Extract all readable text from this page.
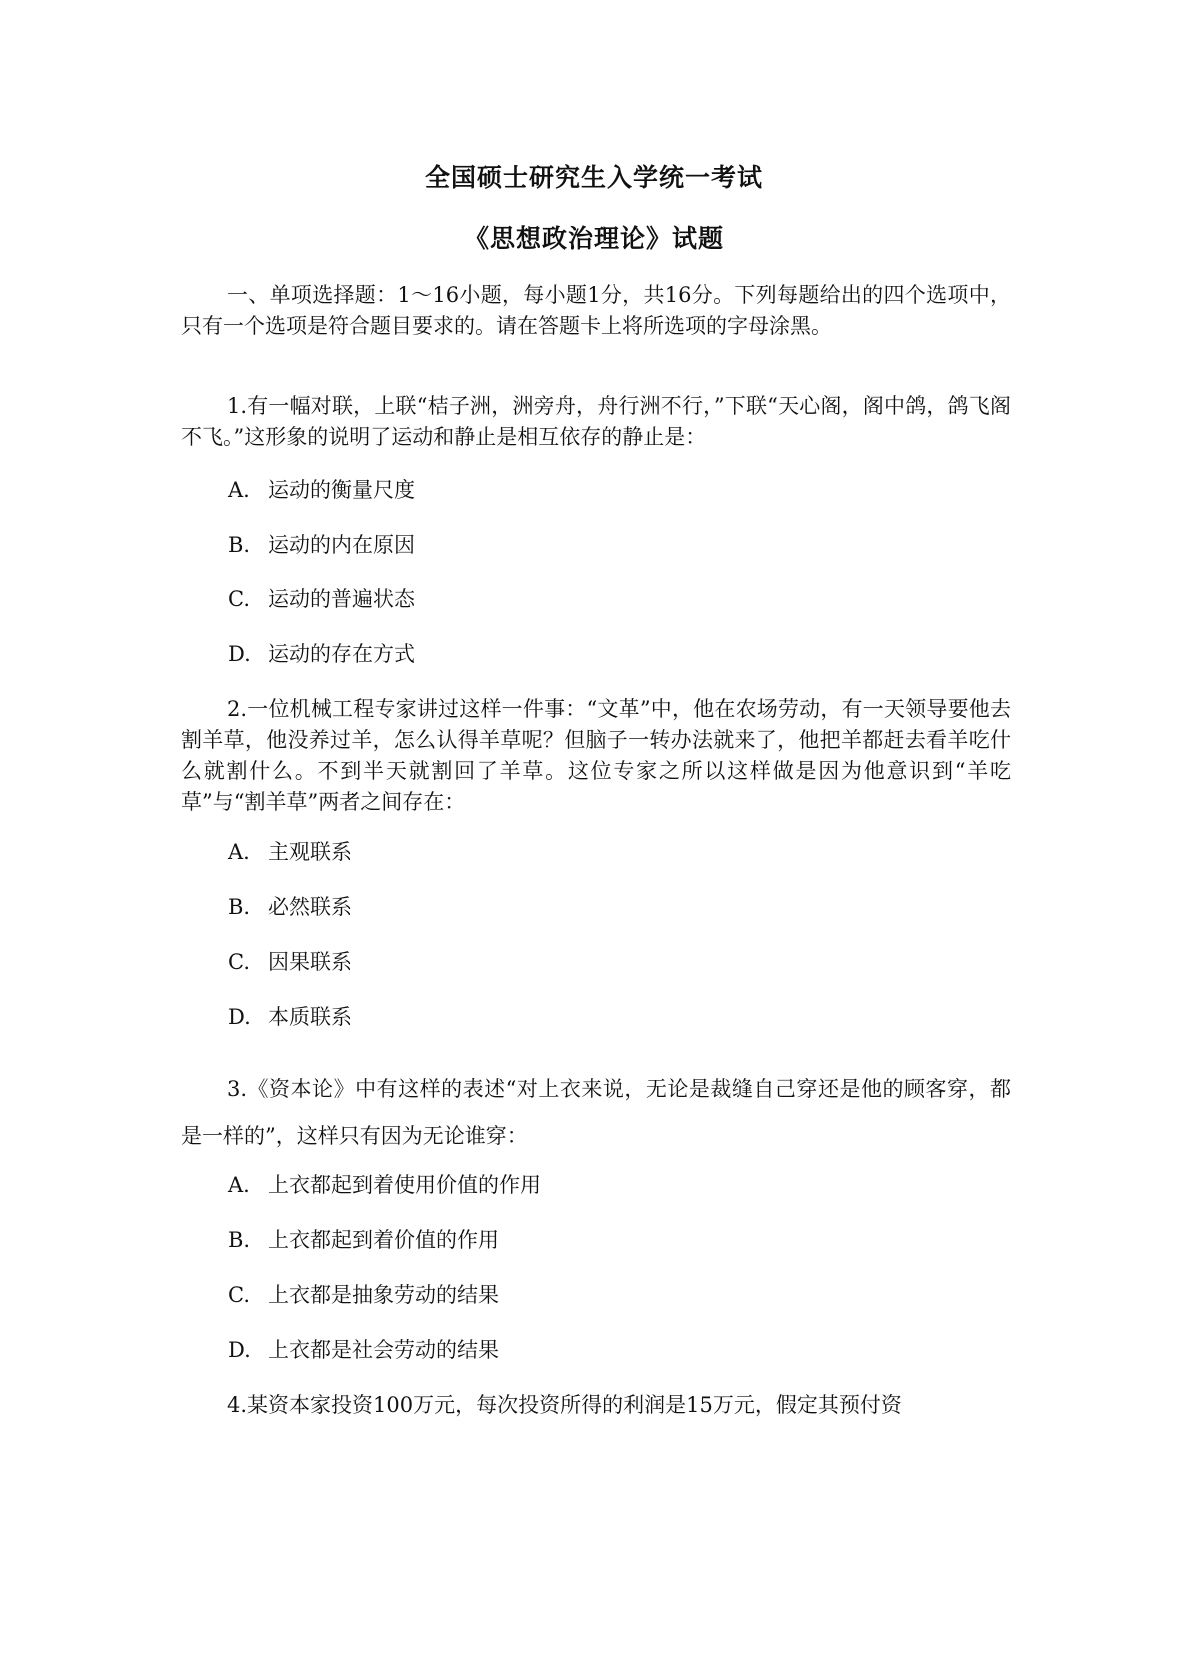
全国硕士研究生入学统一考试
《思想政治理论》试题
一、单项选择题：1～16小题，每小题1分，共16分。下列每题给出的四个选项中，只有一个选项是符合题目要求的。请在答题卡上将所选项的字母涂黑。
1.有一幅对联，上联“桔子洲，洲旁舟，舟行洲不行，”下联“天心阁，阁中鸽，鸽飞阁不飞。”这形象的说明了运动和静止是相互依存的静止是：
A. 运动的衡量尺度
B. 运动的内在原因
C. 运动的普遍状态
D. 运动的存在方式
2.一位机械工程专家讲过这样一件事：“文革”中，他在农场劳动，有一天领导要他去割羊草，他没养过羊，怎么认得羊草呢？但脑子一转办法就来了，他把羊都赶去看羊吃什么就割什么。不到半天就割回了羊草。这位专家之所以这样做是因为他意识到“羊吃草”与“割羊草”两者之间存在：
A. 主观联系
B. 必然联系
C. 因果联系
D. 本质联系
3.《资本论》中有这样的表述“对上衣来说，无论是裁缝自己穿还是他的顾客穿，都是一样的”，这样只有因为无论谁穿：
A. 上衣都起到着使用价值的作用
B. 上衣都起到着价值的作用
C. 上衣都是抽象劳动的结果
D. 上衣都是社会劳动的结果
4.某资本家投资100万元，每次投资所得的利润是15万元，假定其预付资
